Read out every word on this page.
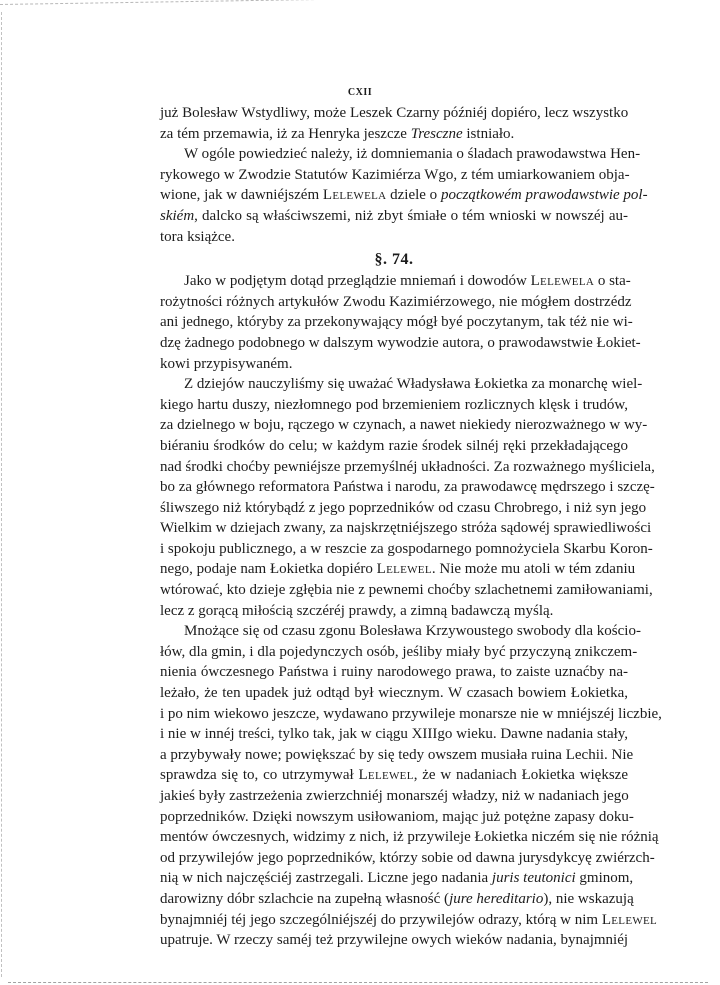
CXII
już Bolesław Wstydliwy, może Leszek Czarny późniéj dopiéro, lecz wszystko
za tém przemawia, iż za Henryka jeszcze Tresczne istniało.
W ogóle powiedzieć należy, iż domniemania o śladach prawodawstwa Hen-
rykowego w Zwodzie Statutów Kazimiérza Wgo, z tém umiarkowaniem obja-
wione, jak w dawniéjszém Lelewela dziele o początkowém prawodawstwie pol-
skiém, dalcko są właściwszemi, niż zbyt śmiałe o tém wnioski w nowszéj au-
tora książce.
§. 74.
Jako w podjętym dotąd przeglądzie mniemań i dowodów Lelewela o sta-
rożytności różnych artykułów Zwodu Kazimiérzowego, nie mógłem dostrzédz
ani jednego, któryby za przekonywający mógł byé poczytanym, tak téż nie wi-
dzę żadnego podobnego w dalszym wywodzie autora, o prawodawstwie Łokiet-
kowi przypisywaném.
Z dziejów nauczyliśmy się uważać Władysława Łokietka za monarchę wiel-
kiego hartu duszy, niezłomnego pod brzemieniem rozlicznych klęsk i trudów,
za dzielnego w boju, rączego w czynach, a nawet niekiedy nierozważnego w wy-
biéraniu środków do celu; w każdym razie środek silnéj ręki przekładającego
nad środki choćby pewniéjsze przemyślnéj układności. Za rozważnego myśliciela,
bo za głównego reformatora Państwa i narodu, za prawodawcę mędrszego i szczę-
śliwszego niż którybądź z jego poprzedników od czasu Chrobrego, i niż syn jego
Wielkim w dziejach zwany, za najskrzętniéjszego stróża sądowéj sprawiedliwości
i spokoju publicznego, a w reszcie za gospodarnego pomnożyciela Skarbu Koron-
nego, podaje nam Łokietka dopiéro Lelewel. Nie może mu atoli w tém zdaniu
wtórować, kto dzieje zgłębia nie z pewnemi choćby szlachetnemi zamiłowaniami,
lecz z gorącą miłością szczéréj prawdy, a zimną badawczą myślą.
Mnożące się od czasu zgonu Bolesława Krzywoustego swobody dla kościo-
łów, dla gmin, i dla pojedynczych osób, jeśliby miały być przyczyną znikczem-
nienia ówczesnego Państwa i ruiny narodowego prawa, to zaiste uznaćby na-
leżało, że ten upadek już odtąd był wiecznym. W czasach bowiem Łokietka,
i po nim wiekowo jeszcze, wydawano przywileje monarsze nie w mniéjszéj liczbie,
i nie w innéj treści, tylko tak, jak w ciągu XIIIgo wieku. Dawne nadania stały,
a przybywały nowe; powiększać by się tedy owszem musiała ruina Lechii. Nie
sprawdza się to, co utrzymywał Lelewel, że w nadaniach Łokietka większe
jakieś były zastrzeżenia zwierzchniéj monarszéj władzy, niż w nadaniach jego
poprzedników. Dzięki nowszym usiłowaniom, mając już potężne zapasy doku-
mentów ówczesnych, widzimy z nich, iż przywileje Łokietka niczém się nie różnią
od przywilejów jego poprzedników, którzy sobie od dawna jurysdykcyę zwiérzch-
nią w nich najczęściéj zastrzegali. Liczne jego nadania juris teutonici gminom,
darowizny dóbr szlachcie na zupełną własność (jure hereditario), nie wskazują
bynajmniéj téj jego szczególniéjszéj do przywilejów odrazy, którą w nim Lelewel
upatruje. W rzeczy saméj też przywilejne owych wieków nadania, bynajmniéj
